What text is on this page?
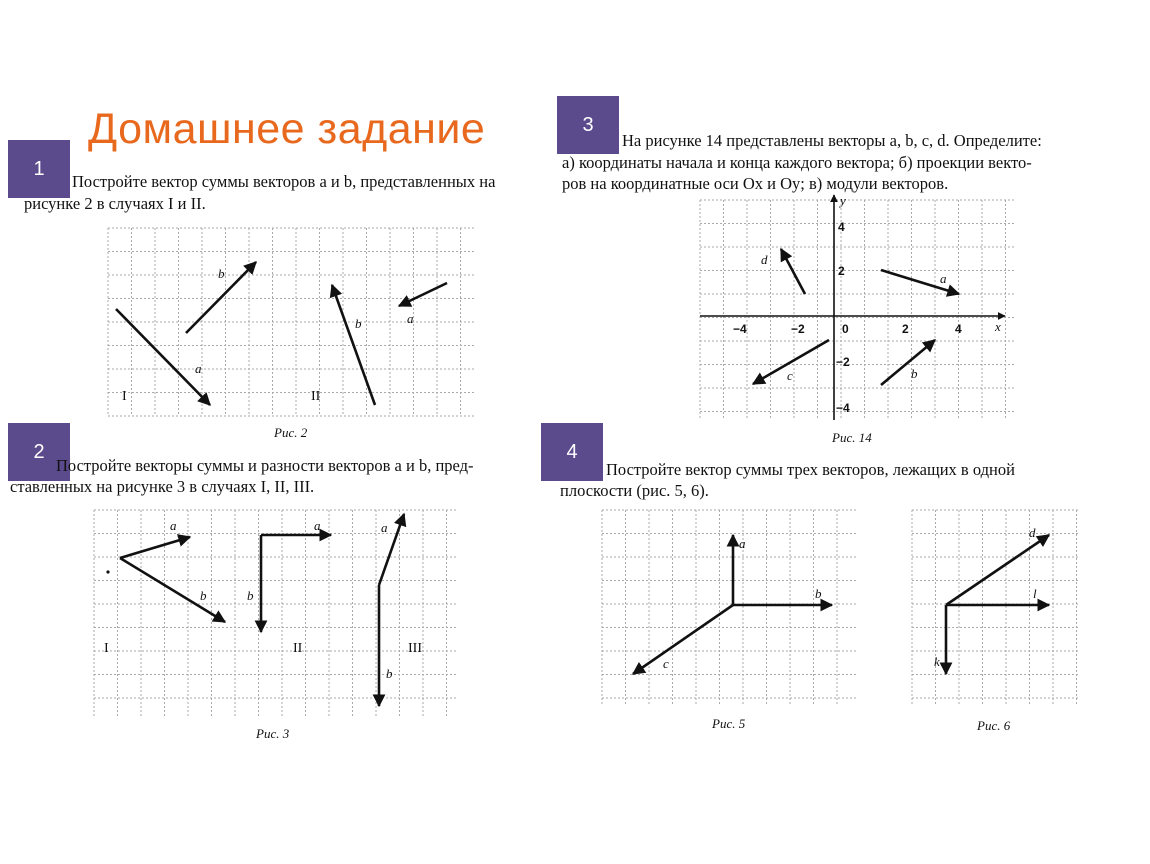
Домашнее задание
1
2
3
4
Постройте вектор суммы векторов a и b, представленных на
рисунке 2 в случаях I и II.
Постройте векторы суммы и разности векторов a и b, пред-
ставленных на рисунке 3 в случаях I, II, III.
На рисунке 14 представлены векторы a, b, c, d. Определите:
а) координаты начала и конца каждого вектора; б) проекции векто-
ров на координатные оси Ox и Oy; в) модули векторов.
Постройте вектор суммы трех векторов, лежащих в одной
плоскости (рис. 5, 6).
a
b
b	a
I	II
Рис. 2
a
b
a
b
a
b
I	II	III
Рис. 3
a
b
c
d
x
y
−4	−2	0	2	4
4
2
−2
−4
Рис. 14
a
b
c
Рис. 5
d
l
k
Рис. 6
